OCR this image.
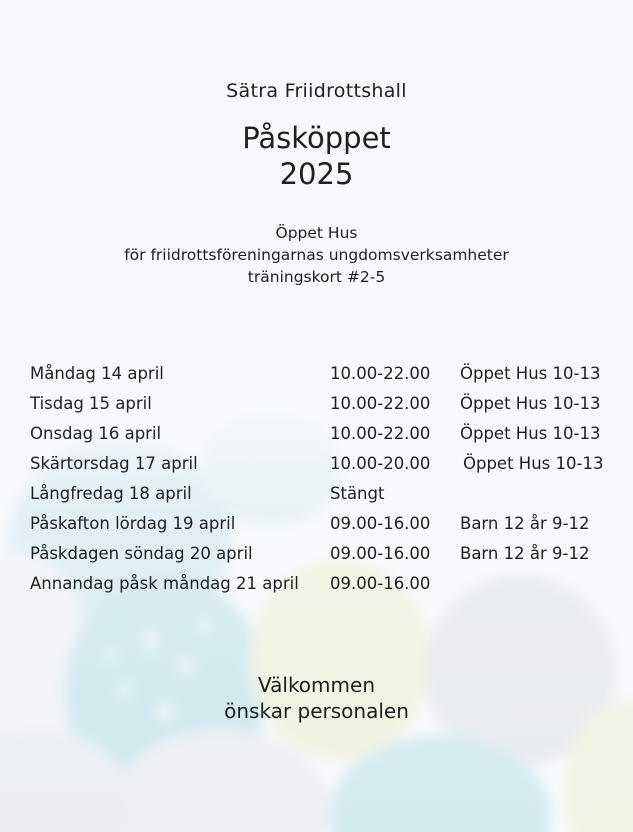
Sätra Friidrottshall
Påsköppet
2025
Öppet Hus
för friidrottsföreningarnas ungdomsverksamheter
träningskort #2-5
Måndag 14 april	10.00-22.00 Öppet Hus 10-13
Tisdag 15 april	10.00-22.00 Öppet Hus 10-13
Onsdag 16 april	10.00-22.00 Öppet Hus 10-13
Skärtorsdag 17 april	10.00-20.00 Öppet Hus 10-13
Långfredag 18 april	Stängt
Påskafton lördag 19 april	09.00-16.00 Barn 12 år 9-12
Påskdagen söndag 20 april	09.00-16.00 Barn 12 år 9-12
Annandag påsk måndag 21 april 09.00-16.00
Välkommen
önskar personalen
